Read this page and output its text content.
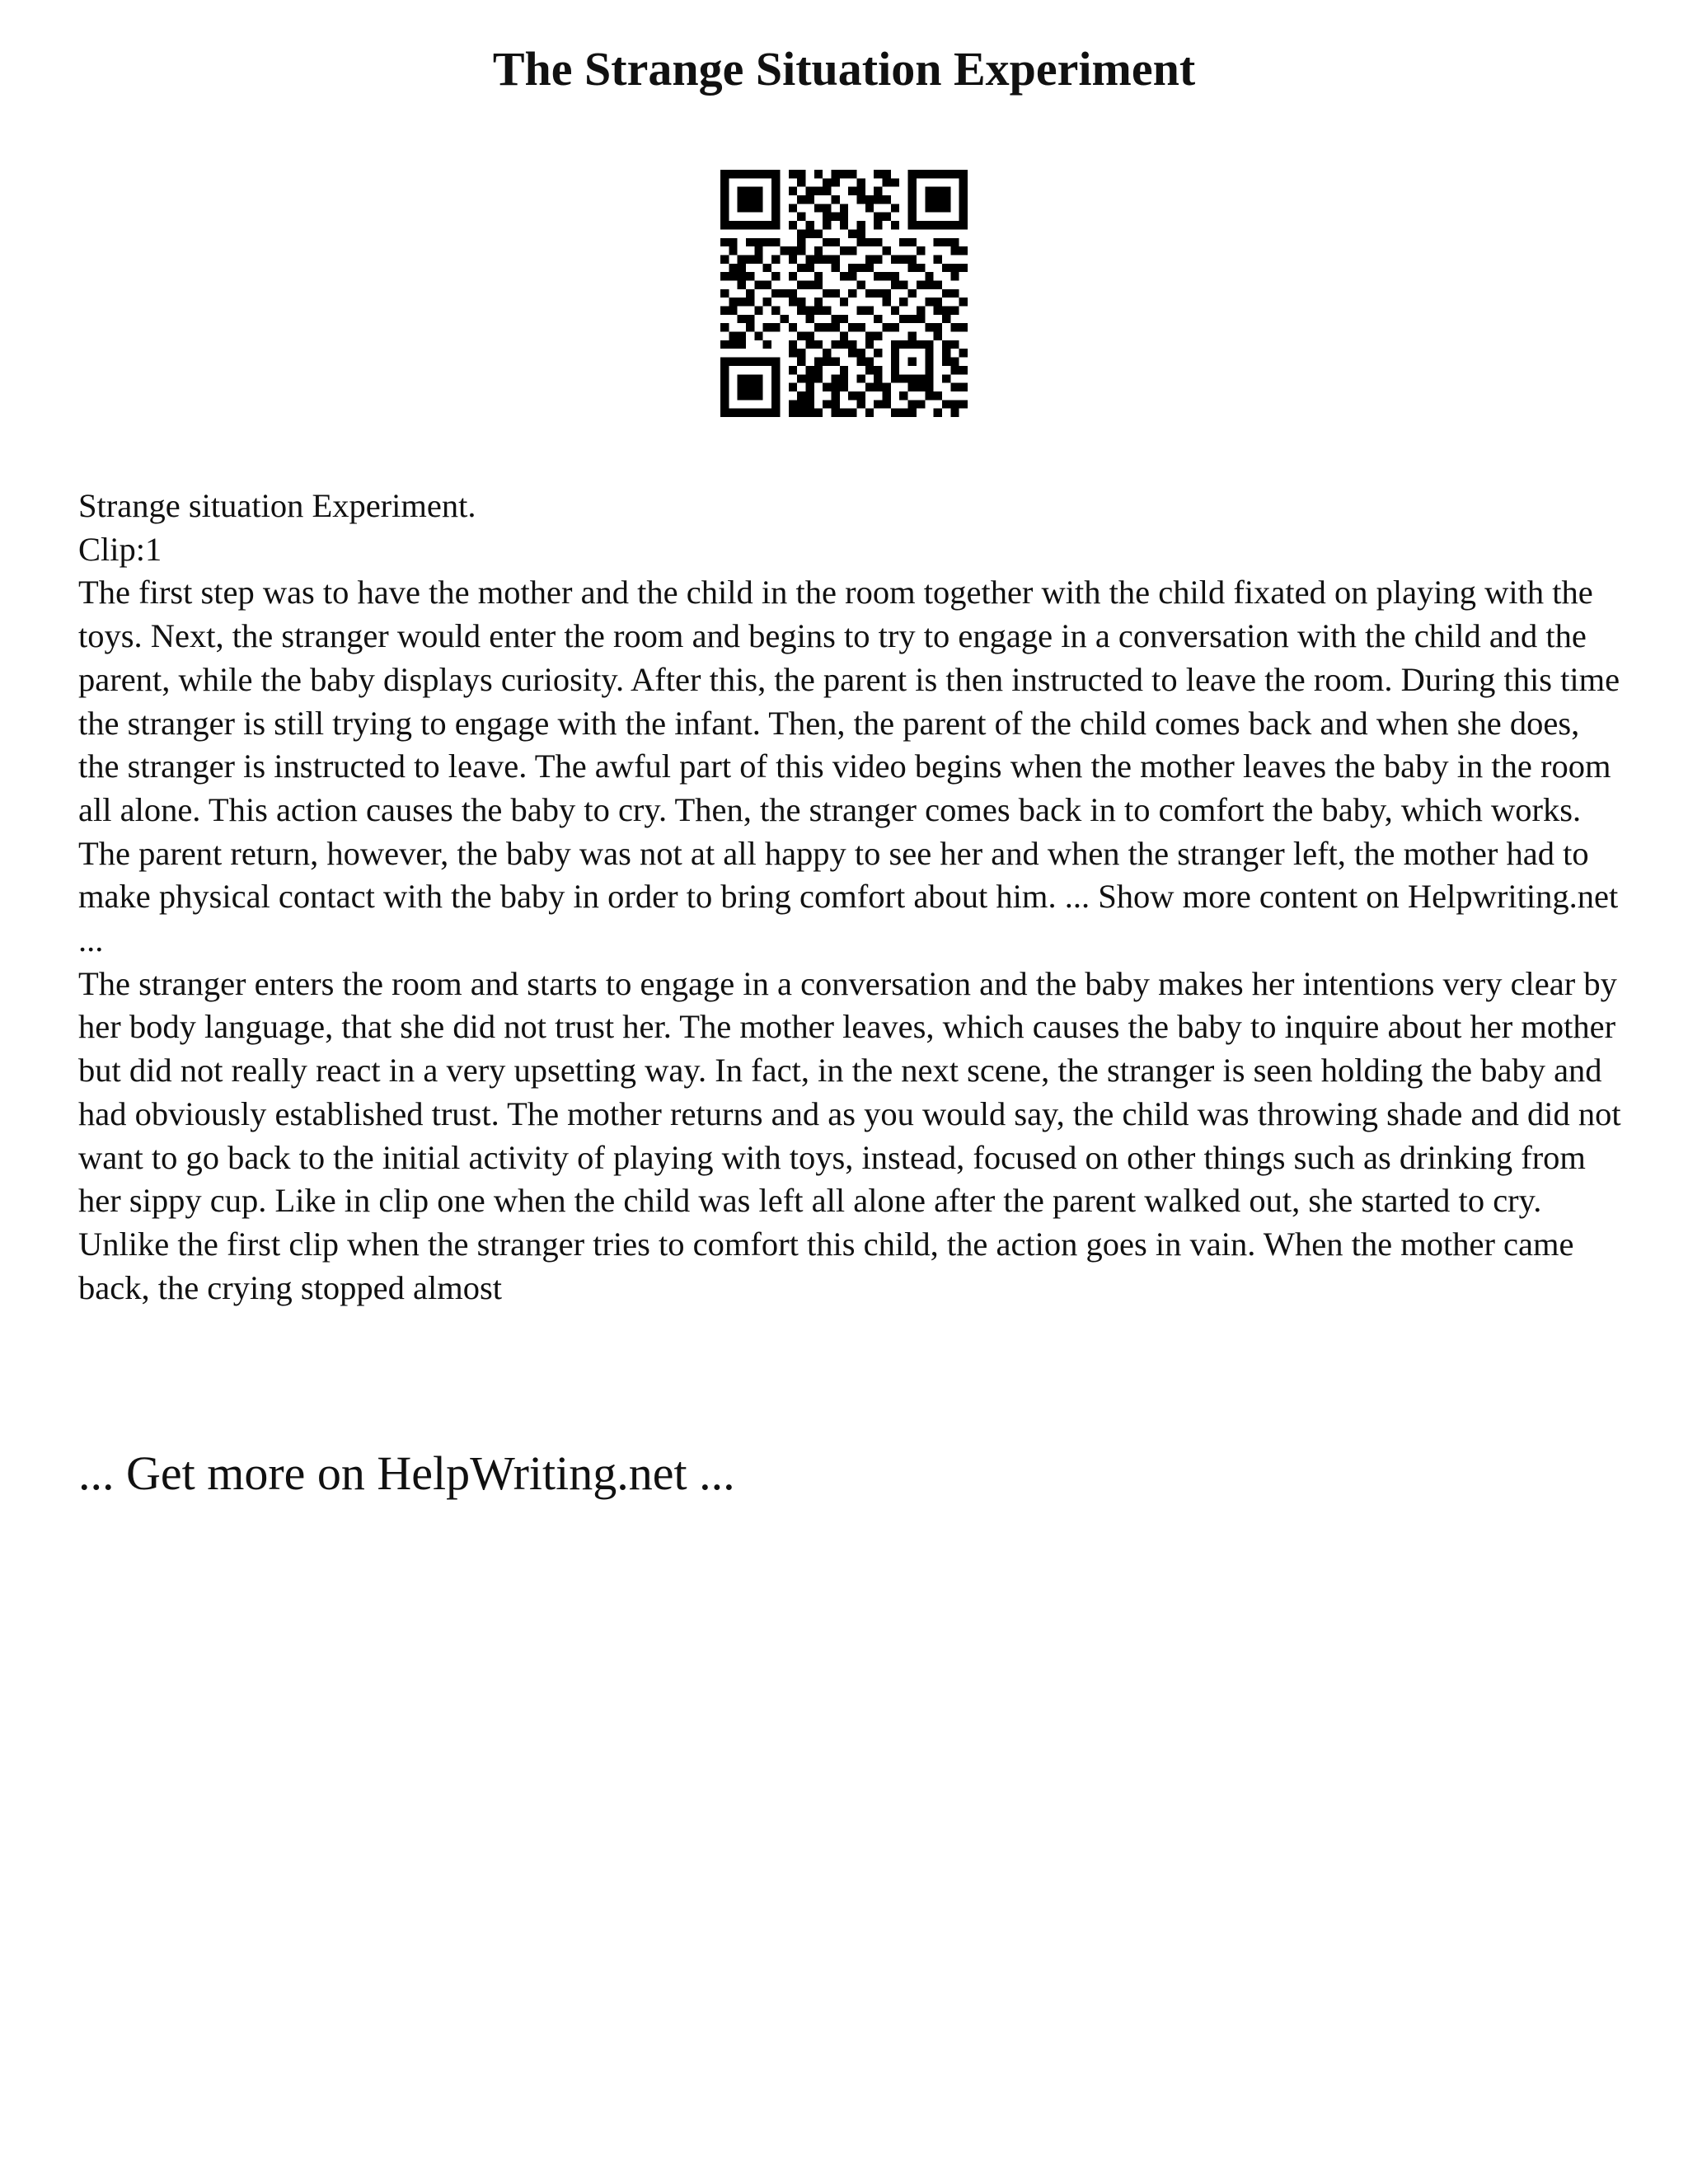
The Strange Situation Experiment

Strange situation Experiment.

Clip:1

The first step was to have the mother and the child in the room together with the child fixated on playing with the toys. Next, the stranger would enter the room and begins to try to engage in a conversation with the child and the parent, while the baby displays curiosity. After this, the parent is then instructed to leave the room. During this time the stranger is still trying to engage with the infant. Then, the parent of the child comes back and when she does, the stranger is instructed to leave. The awful part of this video begins when the mother leaves the baby in the room all alone. This action causes the baby to cry. Then, the stranger comes back in to comfort the baby, which works. The parent return, however, the baby was not at all happy to see her and when the stranger left, the mother had to make physical contact with the baby in order to bring comfort about him. ... Show more content on Helpwriting.net ...

The stranger enters the room and starts to engage in a conversation and the baby makes her intentions very clear by her body language, that she did not trust her. The mother leaves, which causes the baby to inquire about her mother but did not really react in a very upsetting way. In fact, in the next scene, the stranger is seen holding the baby and had obviously established trust. The mother returns and as you would say, the child was throwing shade and did not want to go back to the initial activity of playing with toys, instead, focused on other things such as drinking from her sippy cup. Like in clip one when the child was left all alone after the parent walked out, she started to cry. Unlike the first clip when the stranger tries to comfort this child, the action goes in vain. When the mother came back, the crying stopped almost

... Get more on HelpWriting.net ...
